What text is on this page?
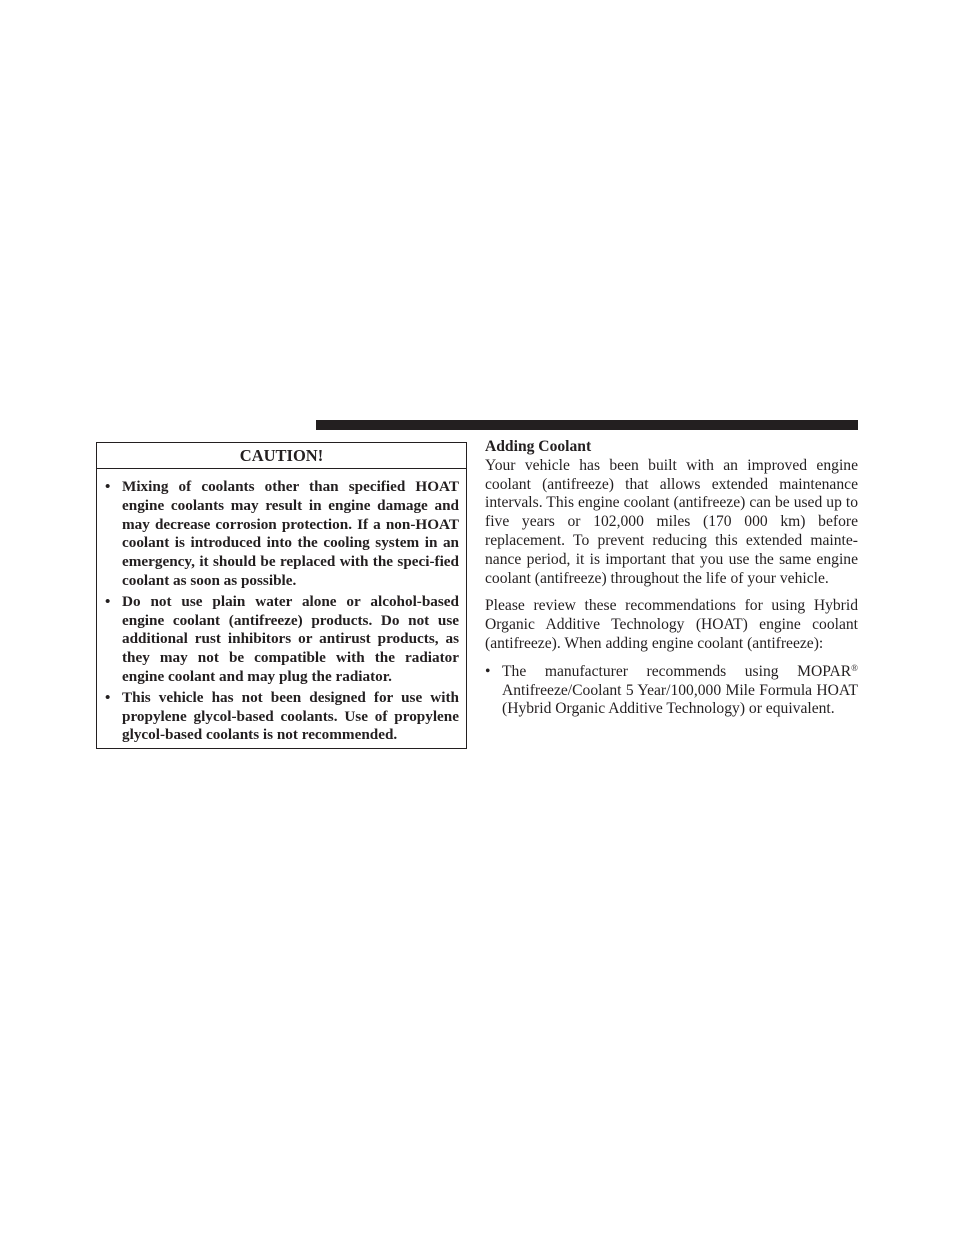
CAUTION!
• Mixing of coolants other than specified HOAT engine coolants may result in engine damage and may decrease corrosion protection. If a non-HOAT coolant is introduced into the cooling system in an emergency, it should be replaced with the speci-fied coolant as soon as possible.
• Do not use plain water alone or alcohol-based engine coolant (antifreeze) products. Do not use additional rust inhibitors or antirust products, as they may not be compatible with the radiator engine coolant and may plug the radiator.
• This vehicle has not been designed for use with propylene glycol-based coolants. Use of propylene glycol-based coolants is not recommended.

Adding Coolant

Your vehicle has been built with an improved engine coolant (antifreeze) that allows extended maintenance intervals. This engine coolant (antifreeze) can be used up to five years or 102,000 miles (170 000 km) before replacement. To prevent reducing this extended mainte-nance period, it is important that you use the same engine coolant (antifreeze) throughout the life of your vehicle.

Please review these recommendations for using Hybrid Organic Additive Technology (HOAT) engine coolant (antifreeze). When adding engine coolant (antifreeze):

• The manufacturer recommends using MOPAR® Antifreeze/Coolant 5 Year/100,000 Mile Formula HOAT (Hybrid Organic Additive Technology) or equivalent.
